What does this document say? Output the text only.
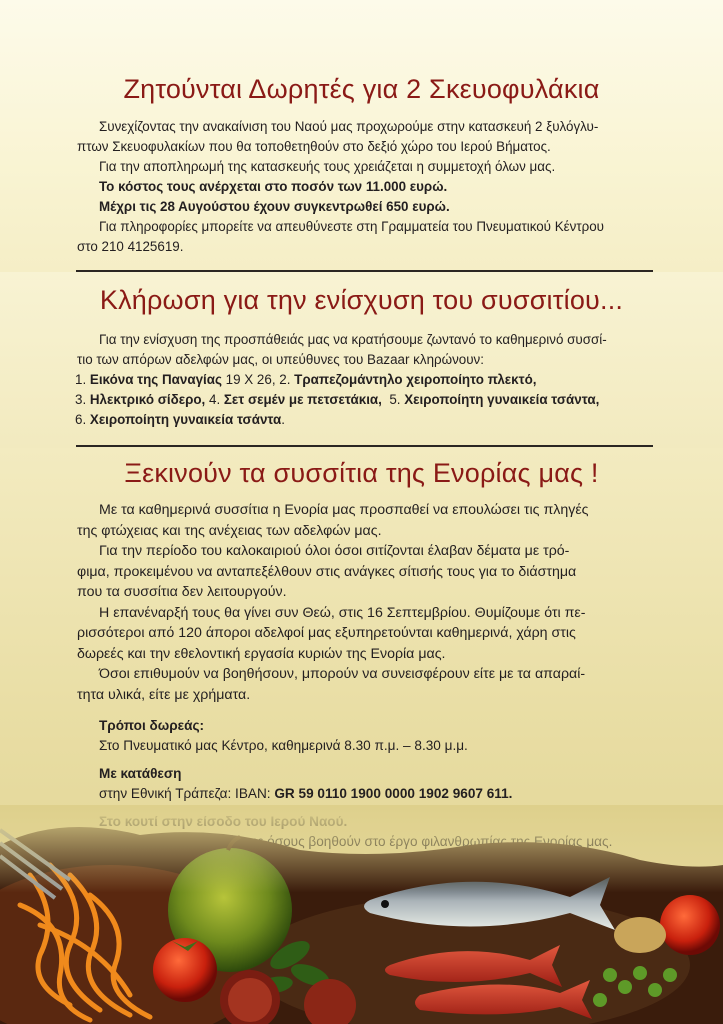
Ζητούνται Δωρητές για 2 Σκευοφυλάκια
Συνεχίζοντας την ανακαίνιση του Ναού μας προχωρούμε στην κατασκευή 2 ξυλόγλυ-
πτων Σκευοφυλακίων που θα τοποθετηθούν στο δεξιό χώρο του Ιερού Βήματος.
Για την αποπληρωμή της κατασκευής τους χρειάζεται η συμμετοχή όλων μας.
Το κόστος τους ανέρχεται στο ποσόν των 11.000 ευρώ.
Μέχρι τις 28 Αυγούστου έχουν συγκεντρωθεί 650 ευρώ.
Για πληροφορίες μπορείτε να απευθύνεστε στη Γραμματεία του Πνευματικού Κέντρου
στο 210 4125619.
Κλήρωση για την ενίσχυση του συσσιτίου...
Για την ενίσχυση της προσπάθειάς μας να κρατήσουμε ζωντανό το καθημερινό συσσί-
τιο των απόρων αδελφών μας, οι υπεύθυνες του Bazaar κληρώνουν:
1. Εικόνα της Παναγίας 19 Χ 26, 2. Τραπεζομάντηλο χειροποίητο πλεκτό,
3. Ηλεκτρικό σίδερο, 4. Σετ σεμέν με πετσετάκια,  5. Χειροποίητη γυναικεία τσάντα,
6. Χειροποίητη γυναικεία τσάντα.
Ξεκινούν τα συσσίτια της Ενορίας μας !
Με τα καθημερινά συσσίτια η Ενορία μας προσπαθεί να επουλώσει τις πληγές
της φτώχειας και της ανέχειας των αδελφών μας.
Για την περίοδο του καλοκαιριού όλοι όσοι σιτίζονται έλαβαν δέματα με τρό-
φιμα, προκειμένου να ανταπεξέλθουν στις ανάγκες σίτισής τους για το διάστημα
που τα συσσίτια δεν λειτουργούν.
Η επανέναρξή τους θα γίνει συν Θεώ, στις 16 Σεπτεμβρίου. Θυμίζουμε ότι πε-
ρισσότεροι από 120 άποροι αδελφοί μας εξυπηρετούνται καθημερινά, χάρη στις
δωρεές και την εθελοντική εργασία κυριών της Ενορία μας.
Όσοι επιθυμούν να βοηθήσουν, μπορούν να συνεισφέρουν είτε με τα απαραί-
τητα υλικά, είτε με χρήματα.
Τρόποι δωρεάς:
Στο Πνευματικό μας Κέντρο, καθημερινά 8.30 π.μ. – 8.30 μ.μ.
Με κατάθεση
στην Εθνική Τράπεζα: IBAN: GR 59 0110 1900 0000 1902 9607 611.
